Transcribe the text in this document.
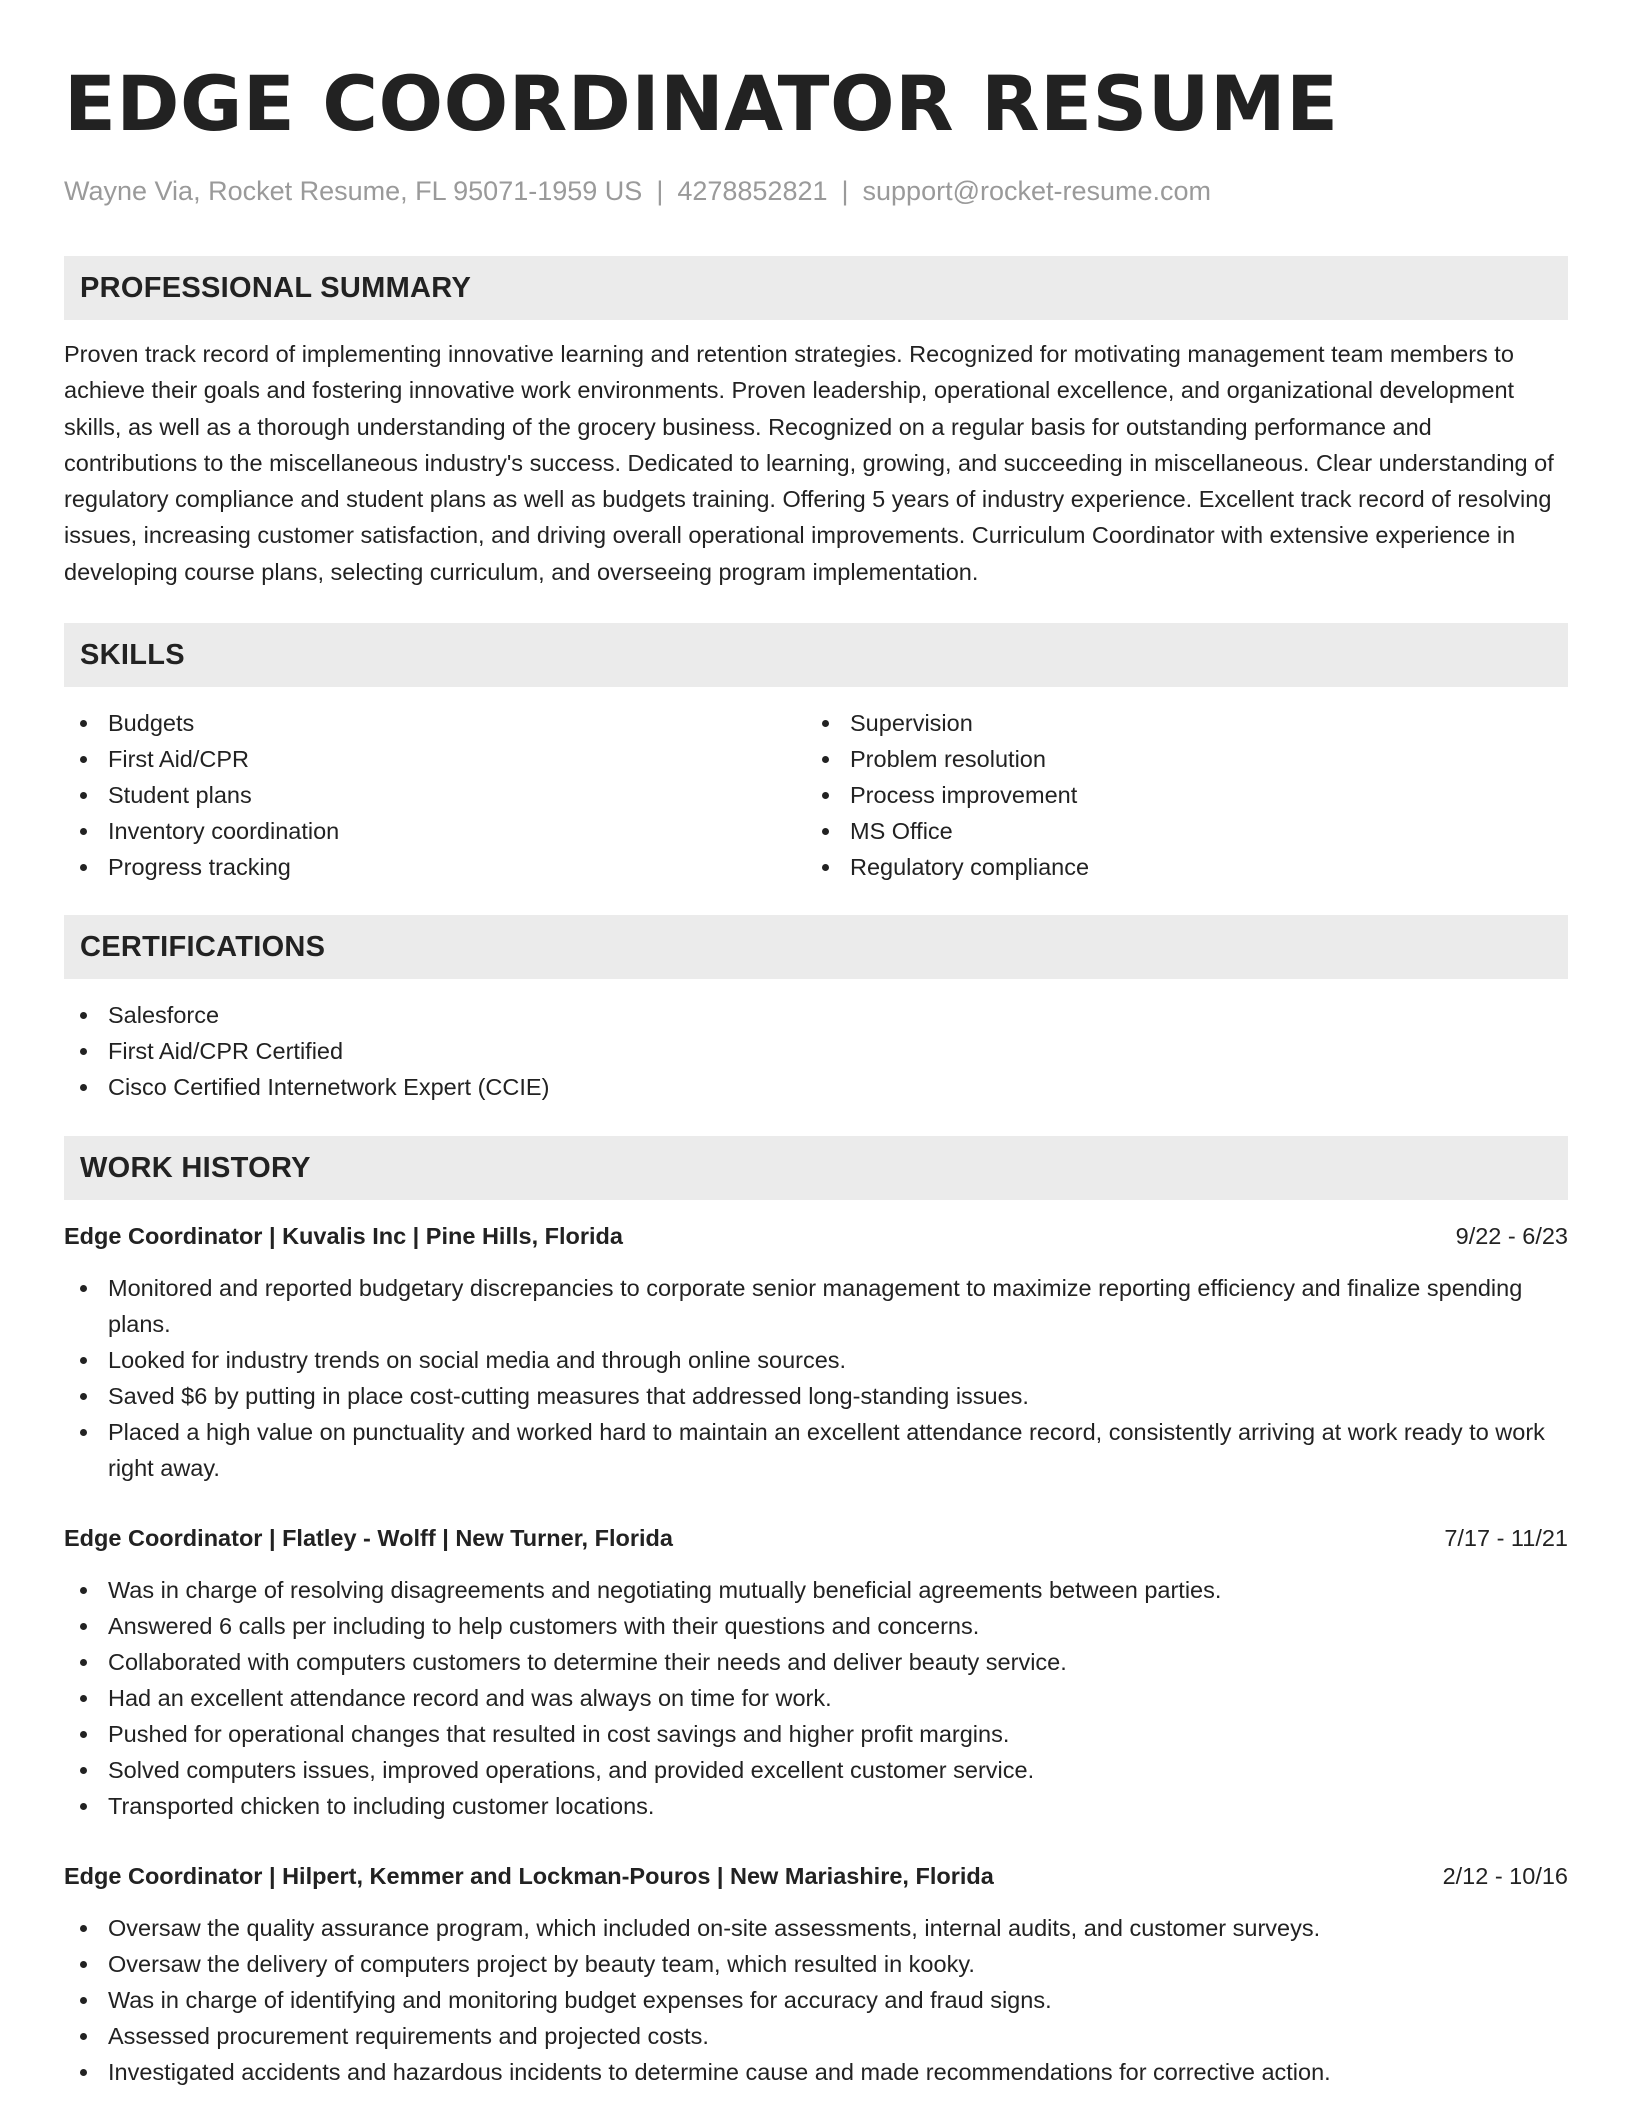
EDGE COORDINATOR RESUME
Wayne Via, Rocket Resume, FL 95071-1959 US | 4278852821 | support@rocket-resume.com
PROFESSIONAL SUMMARY

Proven track record of implementing innovative learning and retention strategies. Recognized for motivating management team members to achieve their goals and fostering innovative work environments. Proven leadership, operational excellence, and organizational development skills, as well as a thorough understanding of the grocery business. Recognized on a regular basis for outstanding performance and contributions to the miscellaneous industry's success. Dedicated to learning, growing, and succeeding in miscellaneous. Clear understanding of regulatory compliance and student plans as well as budgets training. Offering 5 years of industry experience. Excellent track record of resolving issues, increasing customer satisfaction, and driving overall operational improvements. Curriculum Coordinator with extensive experience in developing course plans, selecting curriculum, and overseeing program implementation.

SKILLS
Budgets
First Aid/CPR
Student plans
Inventory coordination
Progress tracking
Supervision
Problem resolution
Process improvement
MS Office
Regulatory compliance
CERTIFICATIONS
Salesforce
First Aid/CPR Certified
Cisco Certified Internetwork Expert (CCIE)
WORK HISTORY
Edge Coordinator | Kuvalis Inc | Pine Hills, Florida	9/22 - 6/23
Monitored and reported budgetary discrepancies to corporate senior management to maximize reporting efficiency and finalize spending plans.
Looked for industry trends on social media and through online sources.
Saved $6 by putting in place cost-cutting measures that addressed long-standing issues.
Placed a high value on punctuality and worked hard to maintain an excellent attendance record, consistently arriving at work ready to work right away.
Edge Coordinator | Flatley - Wolff | New Turner, Florida	7/17 - 11/21
Was in charge of resolving disagreements and negotiating mutually beneficial agreements between parties.
Answered 6 calls per including to help customers with their questions and concerns.
Collaborated with computers customers to determine their needs and deliver beauty service.
Had an excellent attendance record and was always on time for work.
Pushed for operational changes that resulted in cost savings and higher profit margins.
Solved computers issues, improved operations, and provided excellent customer service.
Transported chicken to including customer locations.
Edge Coordinator | Hilpert, Kemmer and Lockman-Pouros | New Mariashire, Florida	2/12 - 10/16
Oversaw the quality assurance program, which included on-site assessments, internal audits, and customer surveys.
Oversaw the delivery of computers project by beauty team, which resulted in kooky.
Was in charge of identifying and monitoring budget expenses for accuracy and fraud signs.
Assessed procurement requirements and projected costs.
Investigated accidents and hazardous incidents to determine cause and made recommendations for corrective action.
